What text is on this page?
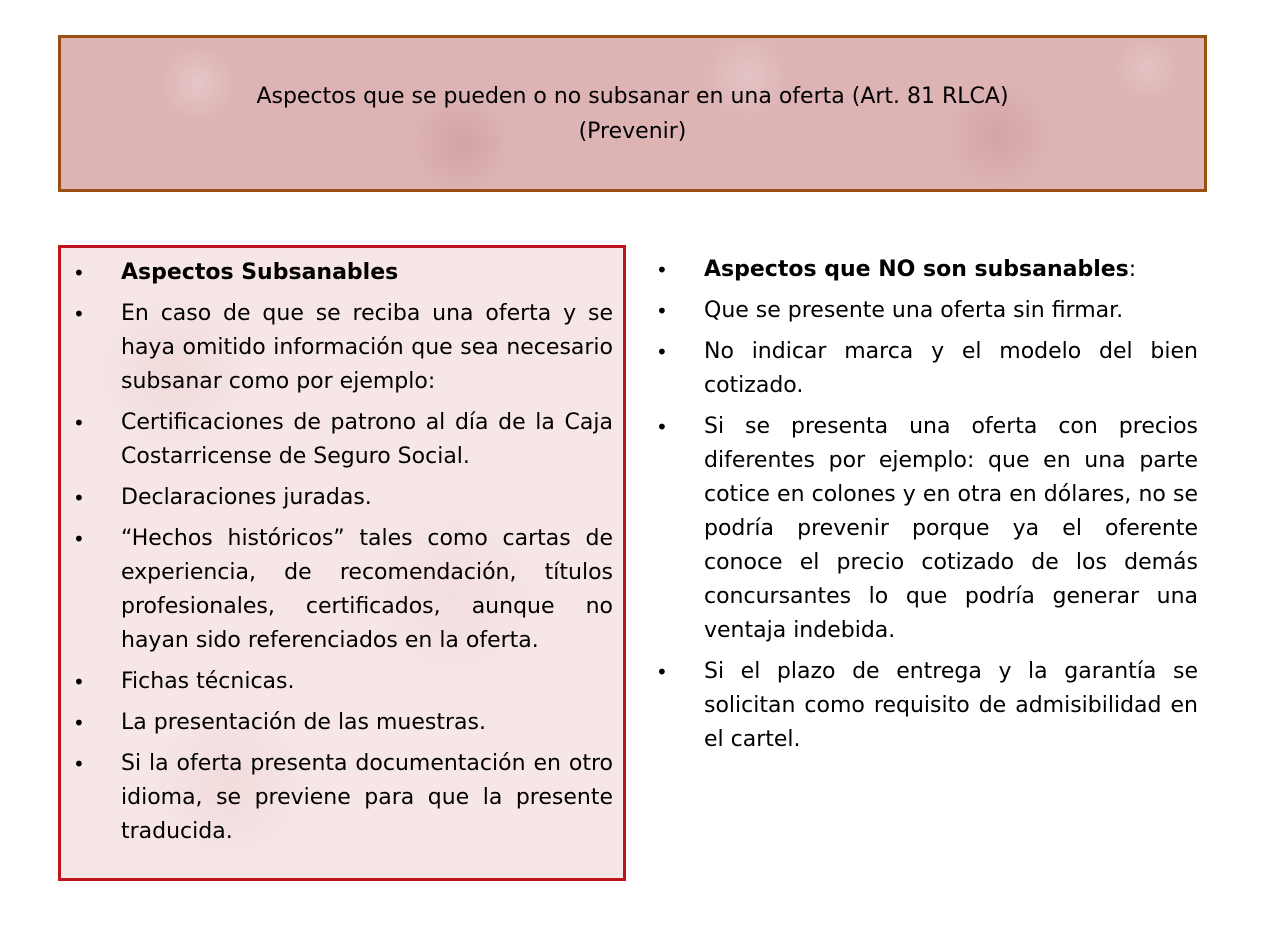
Aspectos que se pueden o no subsanar en una oferta (Art. 81 RLCA)
(Prevenir)
•	Aspectos Subsanables
•	En caso de que se reciba una oferta y se haya omitido información que sea necesario subsanar como por ejemplo:
•	Certificaciones de patrono al día de la Caja Costarricense de Seguro Social.
•	Declaraciones juradas.
•	“Hechos históricos” tales como cartas de experiencia, de recomendación, títulos profesionales, certificados, aunque no hayan sido referenciados en la oferta.
•	Fichas técnicas.
•	La presentación de las muestras.
•	Si la oferta presenta documentación en otro idioma, se previene para que la presente traducida.
•	Aspectos que NO son subsanables:
•	Que se presente una oferta sin firmar.
•	No indicar marca y el modelo del bien cotizado.
•	Si se presenta una oferta con precios diferentes por ejemplo: que en una parte cotice en colones y en otra en dólares, no se podría prevenir porque ya el oferente conoce el precio cotizado de los demás concursantes lo que podría generar una ventaja indebida.
•	Si el plazo de entrega y la garantía se solicitan como requisito de admisibilidad en el cartel.
